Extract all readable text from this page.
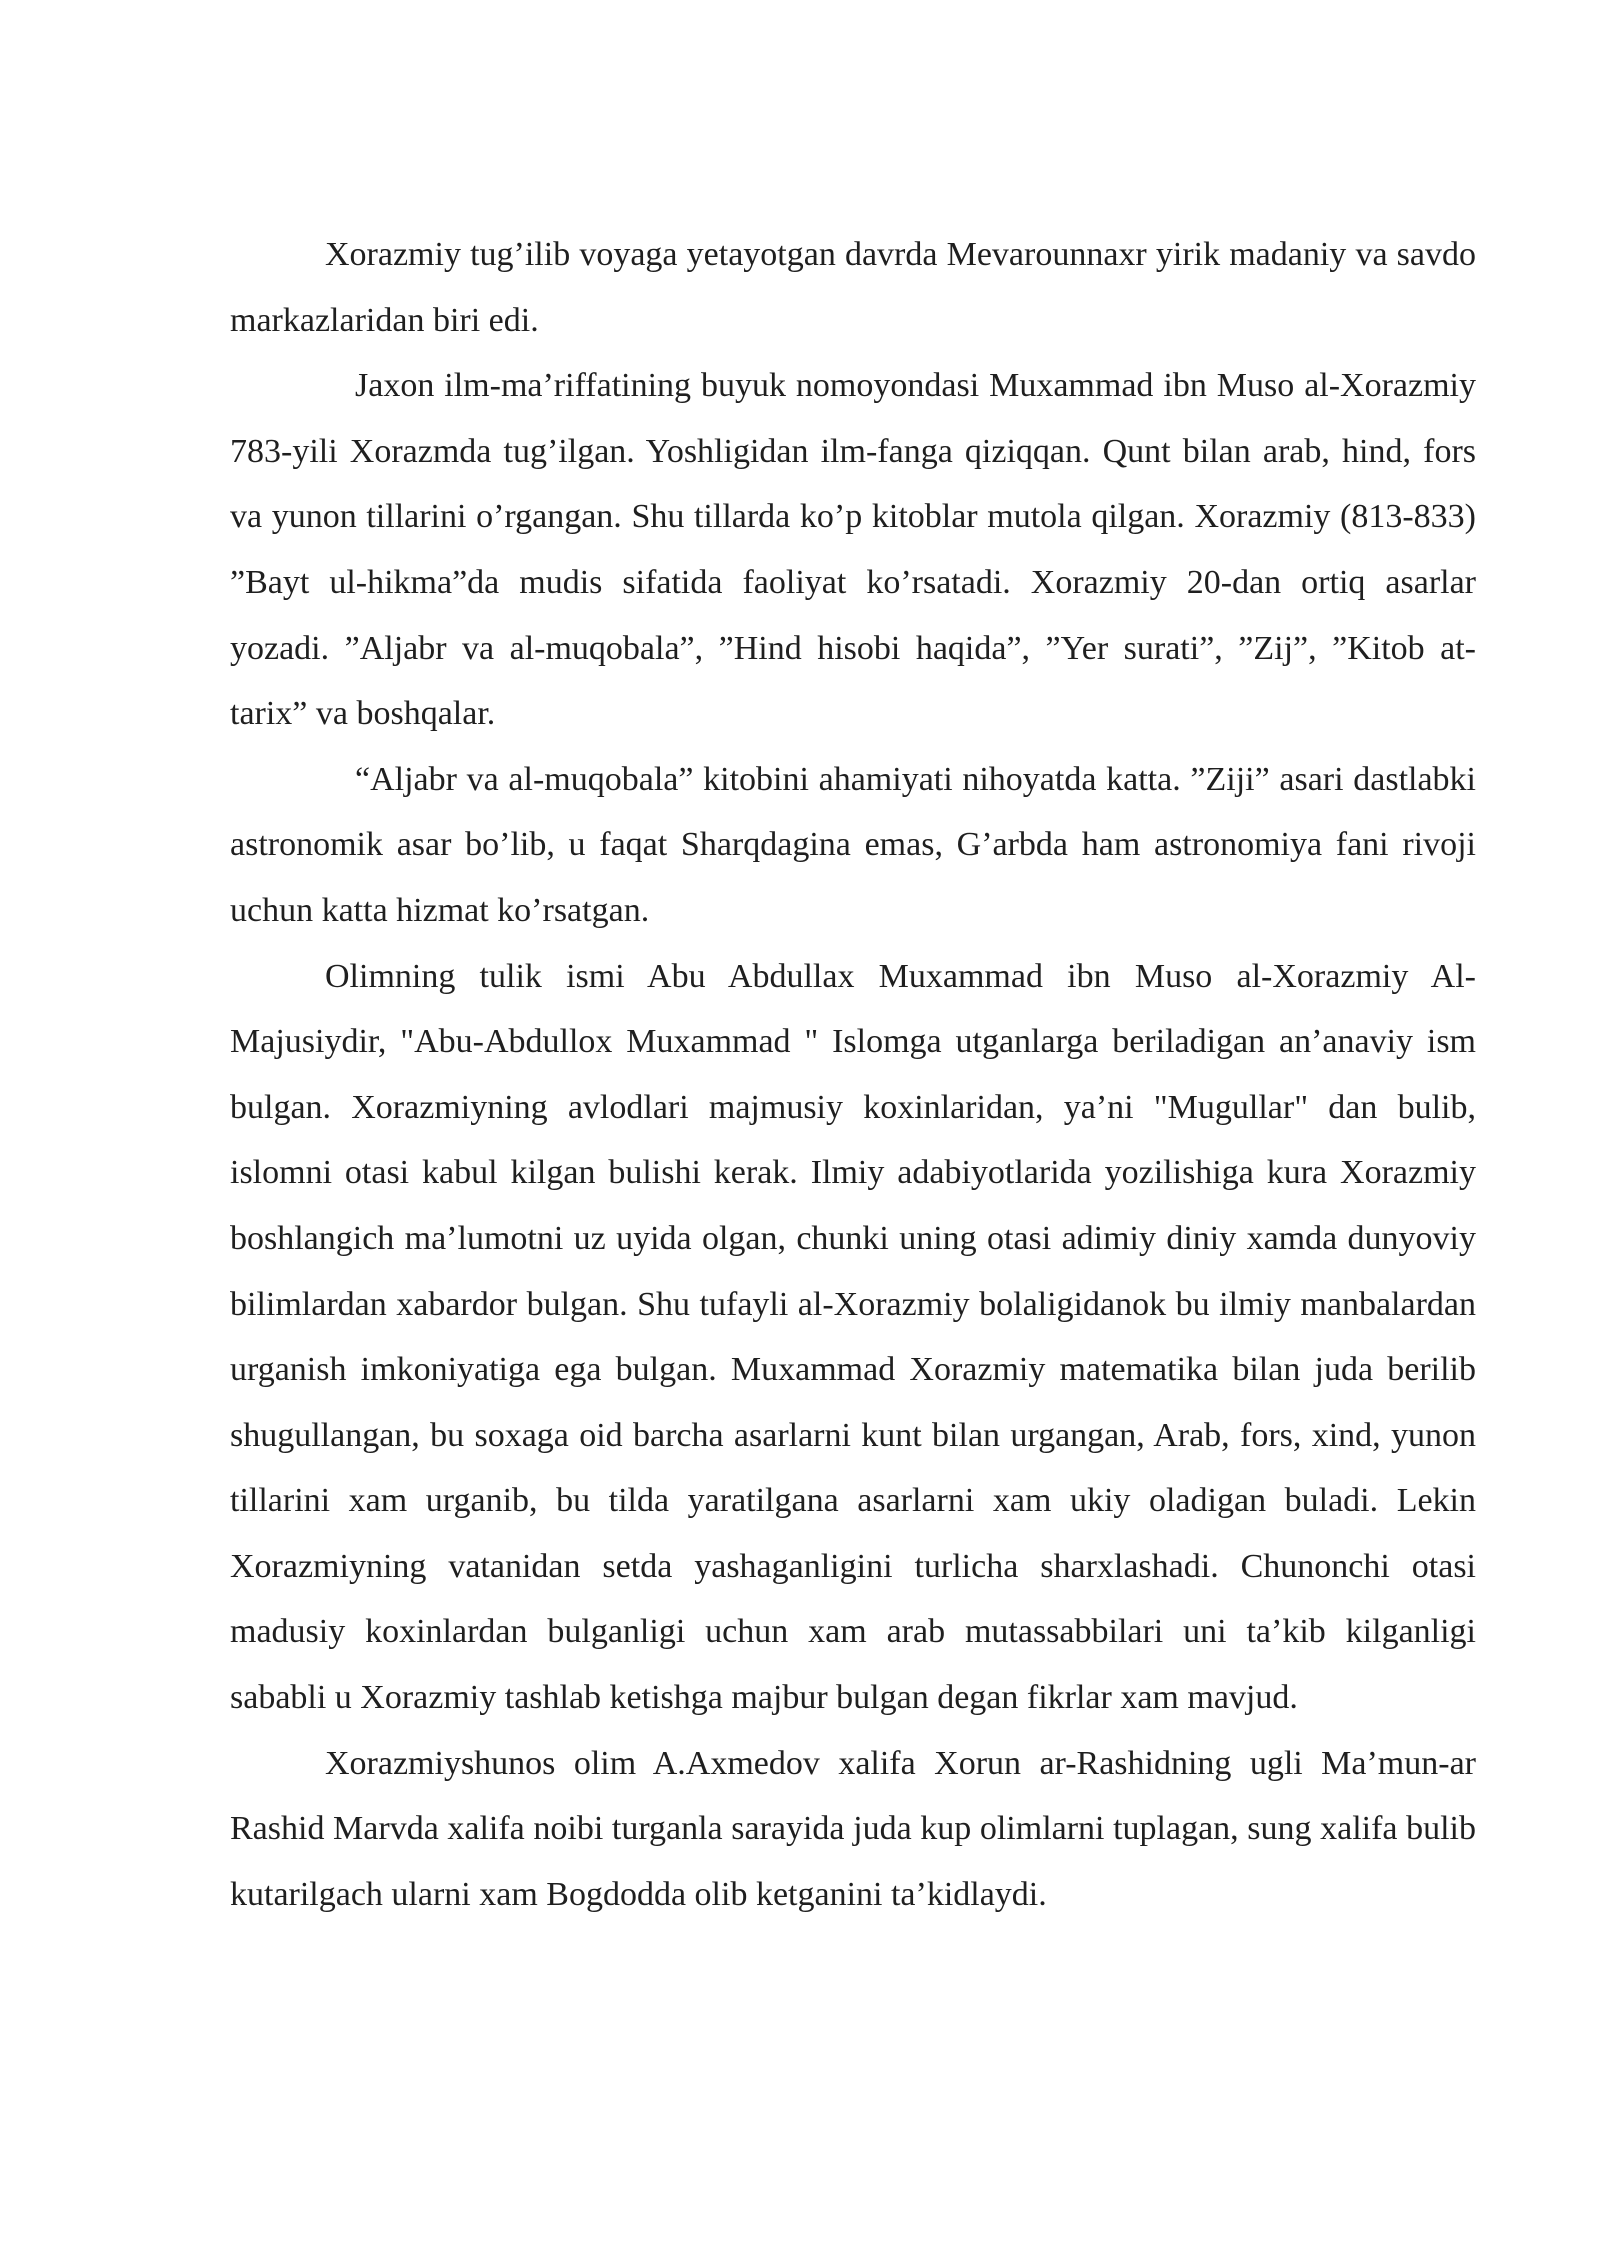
Xorazmiy tug’ilib voyaga yetayotgan davrda Mevarounnaxr yirik madaniy va savdo markazlaridan biri edi.

Jaxon ilm-ma’riffatining buyuk nomoyondasi Muxammad ibn Muso al-Xorazmiy 783-yili Xorazmda tug’ilgan. Yoshligidan ilm-fanga qiziqqan. Qunt bilan arab, hind, fors va yunon tillarini o’rgangan. Shu tillarda ko’p kitoblar mutola qilgan. Xorazmiy (813-833) ”Bayt ul-hikma”da mudis sifatida faoliyat ko’rsatadi. Xorazmiy 20-dan ortiq asarlar yozadi. ”Aljabr va al-muqobala”, ”Hind hisobi haqida”, ”Yer surati”, ”Zij”, ”Kitob at-tarix” va boshqalar.

“Aljabr va al-muqobala” kitobini ahamiyati nihoyatda katta. ”Ziji” asari dastlabki astronomik asar bo’lib, u faqat Sharqdagina emas, G’arbda ham astronomiya fani rivoji uchun katta hizmat ko’rsatgan.

Olimning tulik ismi Abu Abdullax Muxammad ibn Muso al-Xorazmiy Al-Majusiydir, "Abu-Abdullox Muxammad " Islomga utganlarga beriladigan an’anaviy ism bulgan. Xorazmiyning avlodlari majmusiy koxinlaridan, ya’ni "Mugullar" dan bulib, islomni otasi kabul kilgan bulishi kerak. Ilmiy adabiyotlarida yozilishiga kura Xorazmiy boshlangich ma’lumotni uz uyida olgan, chunki uning otasi adimiy diniy xamda dunyoviy bilimlardan xabardor bulgan. Shu tufayli al-Xorazmiy bolaligidanok bu ilmiy manbalardan urganish imkoniyatiga ega bulgan. Muxammad Xorazmiy matematika bilan juda berilib shugullangan, bu soxaga oid barcha asarlarni kunt bilan urgangan, Arab, fors, xind, yunon tillarini xam urganib, bu tilda yaratilgana asarlarni xam ukiy oladigan buladi. Lekin Xorazmiyning vatanidan setda yashaganligini turlicha sharxlashadi. Chunonchi otasi madusiy koxinlardan bulganligi uchun xam arab mutassabbilari uni ta’kib kilganligi sababli u Xorazmiy tashlab ketishga majbur bulgan degan fikrlar xam mavjud.

Xorazmiyshunos olim A.Axmedov xalifa Xorun ar-Rashidning ugli Ma’mun-ar Rashid Marvda xalifa noibi turganla sarayida juda kup olimlarni tuplagan, sung xalifa bulib kutarilgach ularni xam Bogdodda olib ketganini ta’kidlaydi.
